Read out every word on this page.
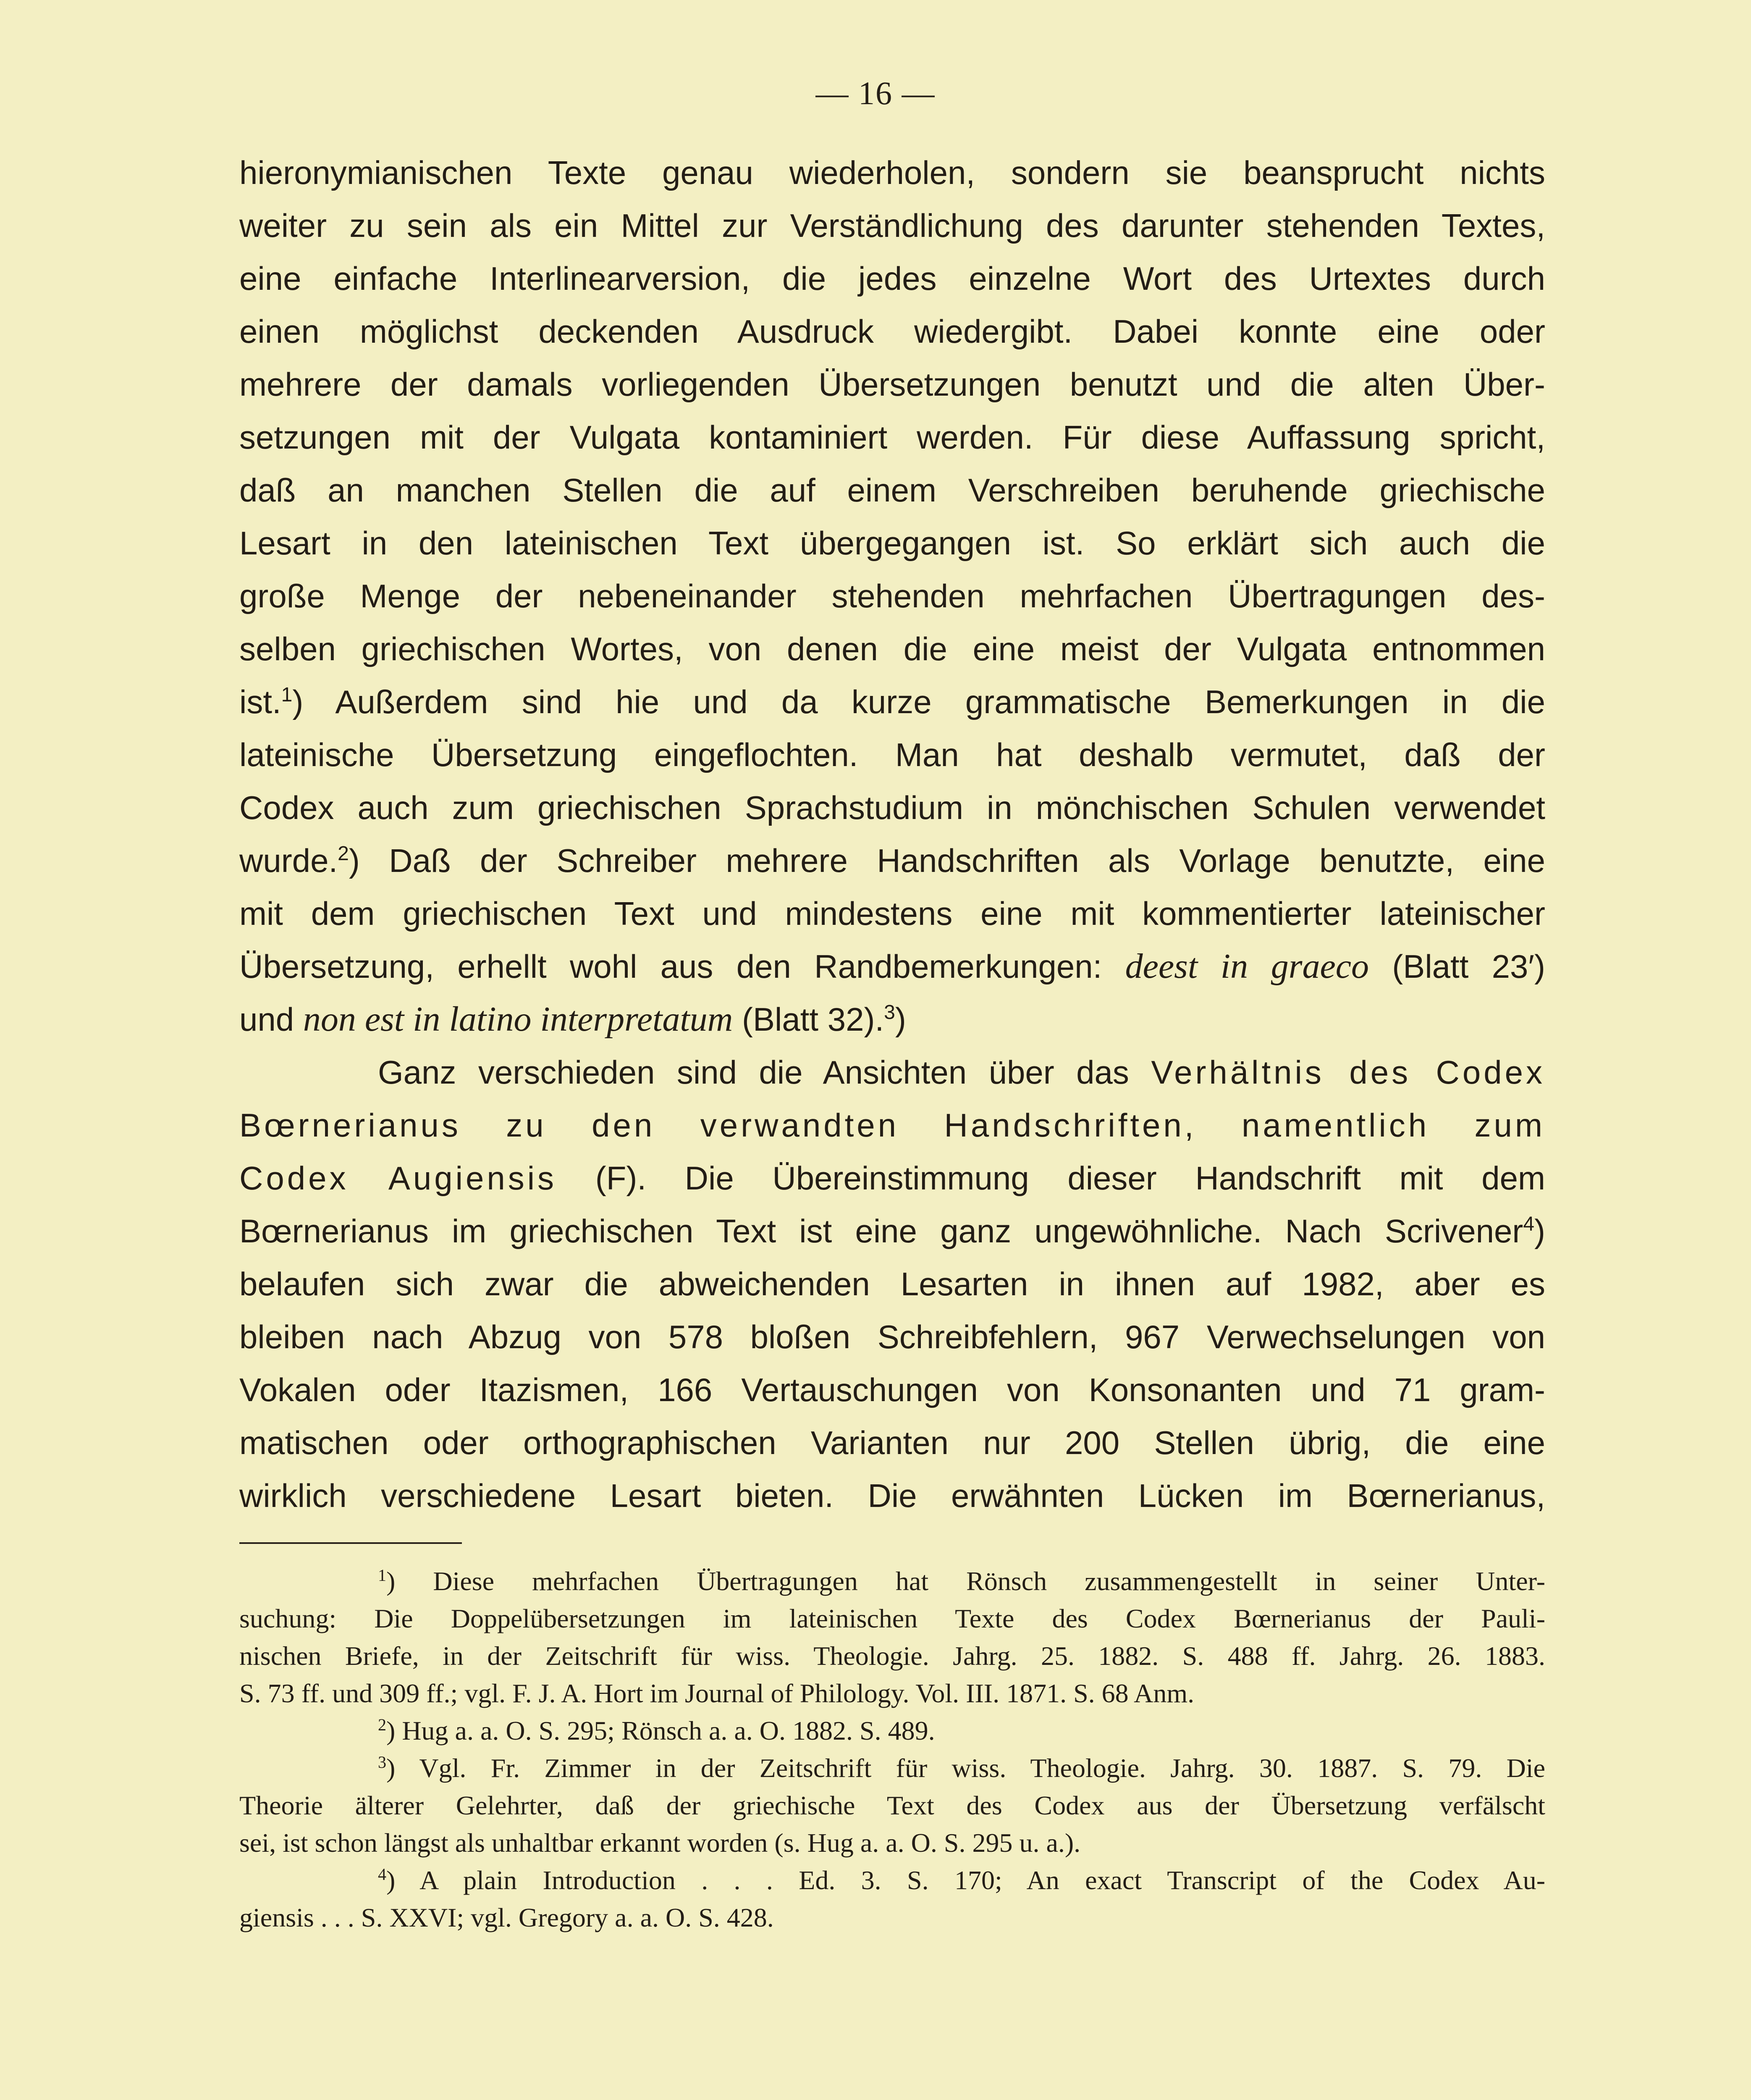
— 16 —
hieronymianischen Texte genau wiederholen, sondern sie beansprucht nichts
weiter zu sein als ein Mittel zur Verständlichung des darunter stehenden Textes,
eine einfache Interlinearversion, die jedes einzelne Wort des Urtextes durch
einen möglichst deckenden Ausdruck wiedergibt. Dabei konnte eine oder
mehrere der damals vorliegenden Übersetzungen benutzt und die alten Über-
setzungen mit der Vulgata kontaminiert werden. Für diese Auffassung spricht,
daß an manchen Stellen die auf einem Verschreiben beruhende griechische
Lesart in den lateinischen Text übergegangen ist. So erklärt sich auch die
große Menge der nebeneinander stehenden mehrfachen Übertragungen des-
selben griechischen Wortes, von denen die eine meist der Vulgata entnommen
ist.$^1$) Außerdem sind hie und da kurze grammatische Bemerkungen in die
lateinische Übersetzung eingeflochten. Man hat deshalb vermutet, daß der
Codex auch zum griechischen Sprachstudium in mönchischen Schulen verwendet
wurde.$^2$) Daß der Schreiber mehrere Handschriften als Vorlage benutzte, eine
mit dem griechischen Text und mindestens eine mit kommentierter lateinischer
Übersetzung, erhellt wohl aus den Randbemerkungen: deest in graeco (Blatt 23′)
und non est in latino interpretatum (Blatt 32).$^3$)
Ganz verschieden sind die Ansichten über das Verhältnis des Codex
Bœrnerianus zu den verwandten Handschriften, namentlich zum
Codex Augiensis (F). Die Übereinstimmung dieser Handschrift mit dem
Bœrnerianus im griechischen Text ist eine ganz ungewöhnliche. Nach Scrivener$^4$)
belaufen sich zwar die abweichenden Lesarten in ihnen auf 1982, aber es
bleiben nach Abzug von 578 bloßen Schreibfehlern, 967 Verwechselungen von
Vokalen oder Itazismen, 166 Vertauschungen von Konsonanten und 71 gram-
matischen oder orthographischen Varianten nur 200 Stellen übrig, die eine
wirklich verschiedene Lesart bieten. Die erwähnten Lücken im Bœrnerianus,
$^1$) Diese mehrfachen Übertragungen hat Rönsch zusammengestellt in seiner Unter-
suchung: Die Doppelübersetzungen im lateinischen Texte des Codex Bœrnerianus der Pauli-
nischen Briefe, in der Zeitschrift für wiss. Theologie. Jahrg. 25. 1882. S. 488 ff. Jahrg. 26. 1883.
S. 73 ff. und 309 ff.; vgl. F. J. A. Hort im Journal of Philology. Vol. III. 1871. S. 68 Anm.
$^2$) Hug a. a. O. S. 295; Rönsch a. a. O. 1882. S. 489.
$^3$) Vgl. Fr. Zimmer in der Zeitschrift für wiss. Theologie. Jahrg. 30. 1887. S. 79. Die
Theorie älterer Gelehrter, daß der griechische Text des Codex aus der Übersetzung verfälscht
sei, ist schon längst als unhaltbar erkannt worden (s. Hug a. a. O. S. 295 u. a.).
$^4$) A plain Introduction . . . Ed. 3. S. 170; An exact Transcript of the Codex Au-
giensis . . . S. XXVI; vgl. Gregory a. a. O. S. 428.
